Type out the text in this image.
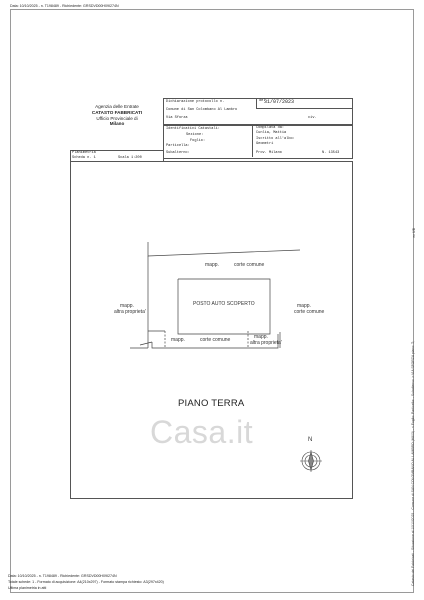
Data: 10/10/2025 - n. T198489 - Richiedente: GRSDVD00H09I274N
Agenzia delle Entrate
CATASTO FABBRICATI
Ufficio Provinciale di
Milano
Dichiarazione protocollo n.	del
31/07/2023
Comune di San Colombano Al Lambro
Via Sforza	civ.
Identificativi Catastali:
Sezione:
Foglio:
Particella:
Subalterno:
Compilata da:
Cunlia, Mattia
Iscritto all'albo:
Geometri
Prov. Milano	N. 13543
Planimetria
Scheda n. 1	Scala 1:200
Casa.it
mapp.	corte comune
POSTO AUTO SCOPERTO
mapp.
altra proprieta'
mapp.
corte comune
mapp.	corte comune	mapp.
altra proprieta'
PIANO TERRA
N
ex 6/B
Catasto dei Fabbricati - Situazione al 10/10/2025 - Comune di SAN COLOMBANO AL LAMBRO (H803) - < Foglio: Particella: - Subalterno: > VIA SFORZA piano: T;
Data: 10/10/2025 - n. T198489 - Richiedente: GRSDVD00H09I274N
Totale schede: 1 - Formato di acquisizione: A4(210x297) - Formato stampa richiesto: A3(297x420)
Ultima planimetria in atti
